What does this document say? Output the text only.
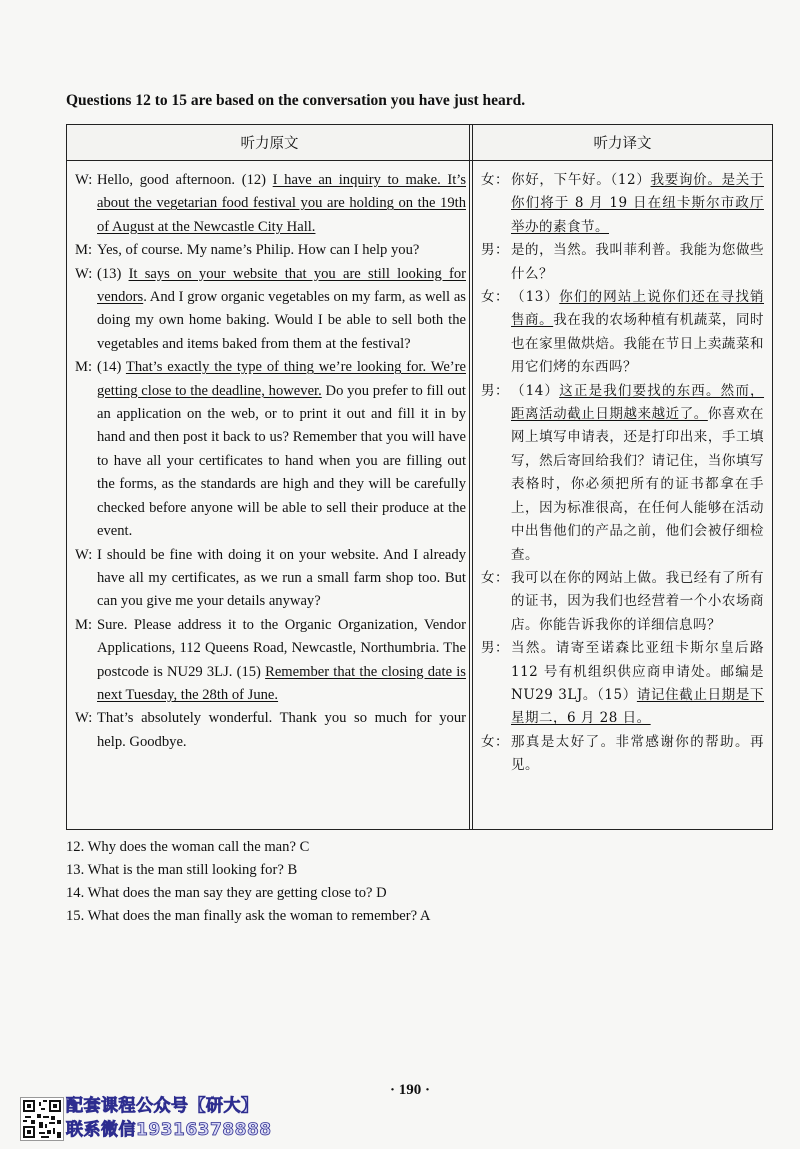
Questions 12 to 15 are based on the conversation you have just heard.
听力原文
W: Hello, good afternoon. (12) I have an inquiry to make. It’s about the vegetarian food festival you are holding on the 19th of August at the Newcastle City Hall.
M: Yes, of course. My name’s Philip. How can I help you?
W: (13) It says on your website that you are still looking for vendors. And I grow organic vegetables on my farm, as well as doing my own home baking. Would I be able to sell both the vegetables and items baked from them at the festival?
M: (14) That’s exactly the type of thing we’re looking for. We’re getting close to the deadline, however. Do you prefer to fill out an application on the web, or to print it out and fill it in by hand and then post it back to us? Remember that you will have to have all your certificates to hand when you are filling out the forms, as the standards are high and they will be carefully checked before anyone will be able to sell their produce at the event.
W: I should be fine with doing it on your website. And I already have all my certificates, as we run a small farm shop too. But can you give me your details anyway?
M: Sure. Please address it to the Organic Organization, Vendor Applications, 112 Queens Road, Newcastle, Northumbria. The postcode is NU29 3LJ. (15) Remember that the closing date is next Tuesday, the 28th of June.
W: That’s absolutely wonderful. Thank you so much for your help. Goodbye.
听力译文
女： 你好，下午好。（12）我要询价。是关于你们将于 8 月 19 日在纽卡斯尔市政厅举办的素食节。
男： 是的，当然。我叫菲利普。我能为您做些什么？
女： （13）你们的网站上说你们还在寻找销售商。我在我的农场种植有机蔬菜，同时也在家里做烘焙。我能在节日上卖蔬菜和用它们烤的东西吗？
男： （14）这正是我们要找的东西。然而，距离活动截止日期越来越近了。你喜欢在网上填写申请表，还是打印出来，手工填写，然后寄回给我们？请记住，当你填写表格时，你必须把所有的证书都拿在手上，因为标准很高，在任何人能够在活动中出售他们的产品之前，他们会被仔细检查。
女： 我可以在你的网站上做。我已经有了所有的证书，因为我们也经营着一个小农场商店。你能告诉我你的详细信息吗？
男： 当然。请寄至诺森比亚纽卡斯尔皇后路 112 号有机组织供应商申请处。邮编是 NU29 3LJ。（15）请记住截止日期是下星期二，6 月 28 日。
女： 那真是太好了。非常感谢你的帮助。再见。
12. Why does the woman call the man? C
13. What is the man still looking for? B
14. What does the man say they are getting close to? D
15. What does the man finally ask the woman to remember? A
· 190 ·
配套课程公众号【研大】
联系微信19316378888
